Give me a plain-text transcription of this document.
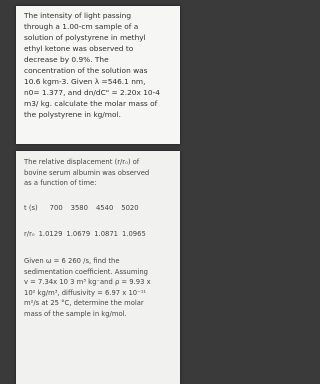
The intensity of light passing
through a 1.00-cm sample of a
solution of polystyrene in methyl
ethyl ketone was observed to
decrease by 0.9%. The
concentration of the solution was
10.6 kgm-3. Given λ =546.1 nm,
n0= 1.377, and dn/dC" = 2.20x 10-4
m3/ kg. calculate the molar mass of
the polystyrene in kg/mol.

The relative displacement (r/r₀) of
bovine serum albumin was observed
as a function of time:

t (s) 700 3580 4540 5020
r/r₀ 1.0129 1.0679 1.0871 1.0965

Given ω = 6 260 /s, find the
sedimentation coefficient. Assuming
v = 7.34x 10 3 m³ kg⁻and ρ = 9.93 x
10² kg/m³, diffusivity = 6.97 x 10⁻¹¹
m²/s at 25 °C, determine the molar
mass of the sample in kg/mol.
